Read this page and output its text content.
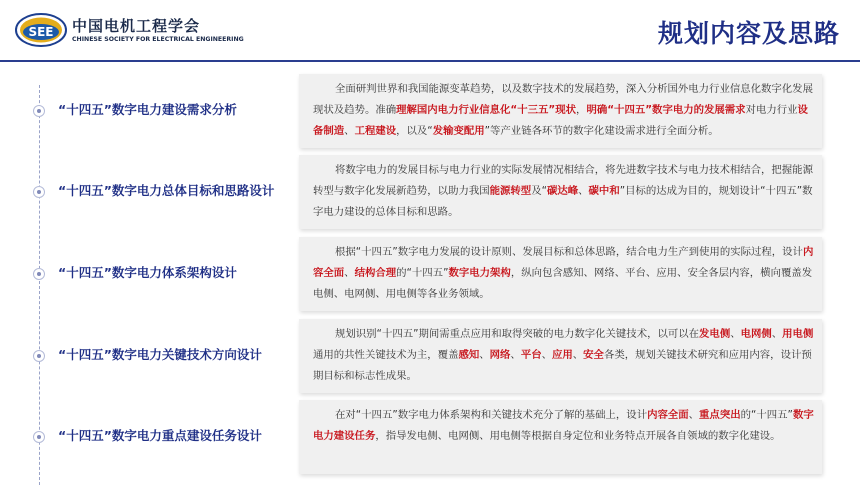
SEE 中国电机工程学会
CHINESE SOCIETY FOR ELECTRICAL ENGINEERING	规划内容及思路
“十四五”数字电力建设需求分析
全面研判世界和我国能源变革趋势，以及数字技术的发展趋势，深入分析国外电力行业信息化数字化发展现状及趋势。准确理解国内电力行业信息化“十三五”现状，明确“十四五”数字电力的发展需求对电力行业设备制造、工程建设，以及“发输变配用”等产业链各环节的数字化建设需求进行全面分析。
“十四五”数字电力总体目标和思路设计
将数字电力的发展目标与电力行业的实际发展情况相结合，将先进数字技术与电力技术相结合，把握能源转型与数字化发展新趋势，以助力我国能源转型及“碳达峰、碳中和”目标的达成为目的，规划设计“十四五”数字电力建设的总体目标和思路。
“十四五”数字电力体系架构设计
根据“十四五”数字电力发展的设计原则、发展目标和总体思路，结合电力生产到使用的实际过程，设计内容全面、结构合理的“十四五”数字电力架构，纵向包含感知、网络、平台、应用、安全各层内容，横向覆盖发电侧、电网侧、用电侧等各业务领域。
“十四五”数字电力关键技术方向设计
规划识别“十四五”期间需重点应用和取得突破的电力数字化关键技术，以可以在发电侧、电网侧、用电侧通用的共性关键技术为主，覆盖感知、网络、平台、应用、安全各类，规划关键技术研究和应用内容，设计预期目标和标志性成果。
“十四五”数字电力重点建设任务设计
在对“十四五”数字电力体系架构和关键技术充分了解的基础上，设计内容全面、重点突出的“十四五”数字电力建设任务，指导发电侧、电网侧、用电侧等根据自身定位和业务特点开展各自领域的数字化建设。
